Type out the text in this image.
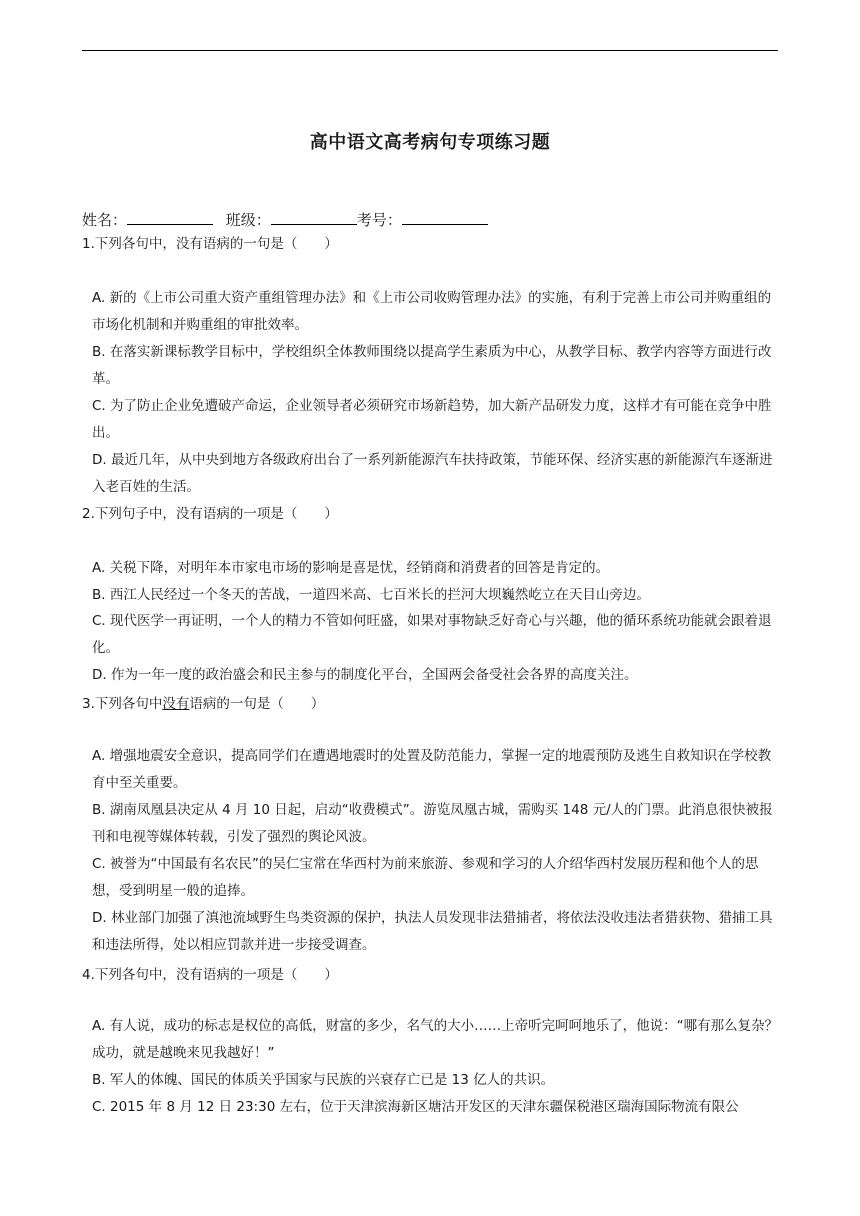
高中语文高考病句专项练习题
姓名：	班级：	考号：
1.下列各句中，没有语病的一句是（　　）
A. 新的《上市公司重大资产重组管理办法》和《上市公司收购管理办法》的实施，有利于完善上市公司并购重组的市场化机制和并购重组的审批效率。
B. 在落实新课标教学目标中，学校组织全体教师围绕以提高学生素质为中心，从教学目标、教学内容等方面进行改革。
C. 为了防止企业免遭破产命运，企业领导者必须研究市场新趋势，加大新产品研发力度，这样才有可能在竞争中胜出。
D. 最近几年，从中央到地方各级政府出台了一系列新能源汽车扶持政策，节能环保、经济实惠的新能源汽车逐渐进入老百姓的生活。
2.下列句子中，没有语病的一项是（　　）
A. 关税下降，对明年本市家电市场的影响是喜是忧，经销商和消费者的回答是肯定的。
B. 西江人民经过一个冬天的苦战，一道四米高、七百米长的拦河大坝巍然屹立在天目山旁边。
C. 现代医学一再证明，一个人的精力不管如何旺盛，如果对事物缺乏好奇心与兴趣，他的循环系统功能就会跟着退化。
D. 作为一年一度的政治盛会和民主参与的制度化平台，全国两会备受社会各界的高度关注。
3.下列各句中没有语病的一句是（　　）
A. 增强地震安全意识，提高同学们在遭遇地震时的处置及防范能力，掌握一定的地震预防及逃生自救知识在学校教育中至关重要。
B. 湖南凤凰县决定从 4 月 10 日起，启动“收费模式”。游览凤凰古城，需购买 148 元/人的门票。此消息很快被报刊和电视等媒体转载，引发了强烈的舆论风波。
C. 被誉为“中国最有名农民”的吴仁宝常在华西村为前来旅游、参观和学习的人介绍华西村发展历程和他个人的思想，受到明星一般的追捧。
D. 林业部门加强了滇池流域野生鸟类资源的保护，执法人员发现非法猎捕者，将依法没收违法者猎获物、猎捕工具和违法所得，处以相应罚款并进一步接受调查。
4.下列各句中，没有语病的一项是（　　）
A. 有人说，成功的标志是权位的高低，财富的多少，名气的大小……上帝听完呵呵地乐了，他说：“哪有那么复杂？成功，就是越晚来见我越好！”
B. 军人的体魄、国民的体质关乎国家与民族的兴衰存亡已是 13 亿人的共识。
C. 2015 年 8 月 12 日 23:30 左右，位于天津滨海新区塘沽开发区的天津东疆保税港区瑞海国际物流有限公
